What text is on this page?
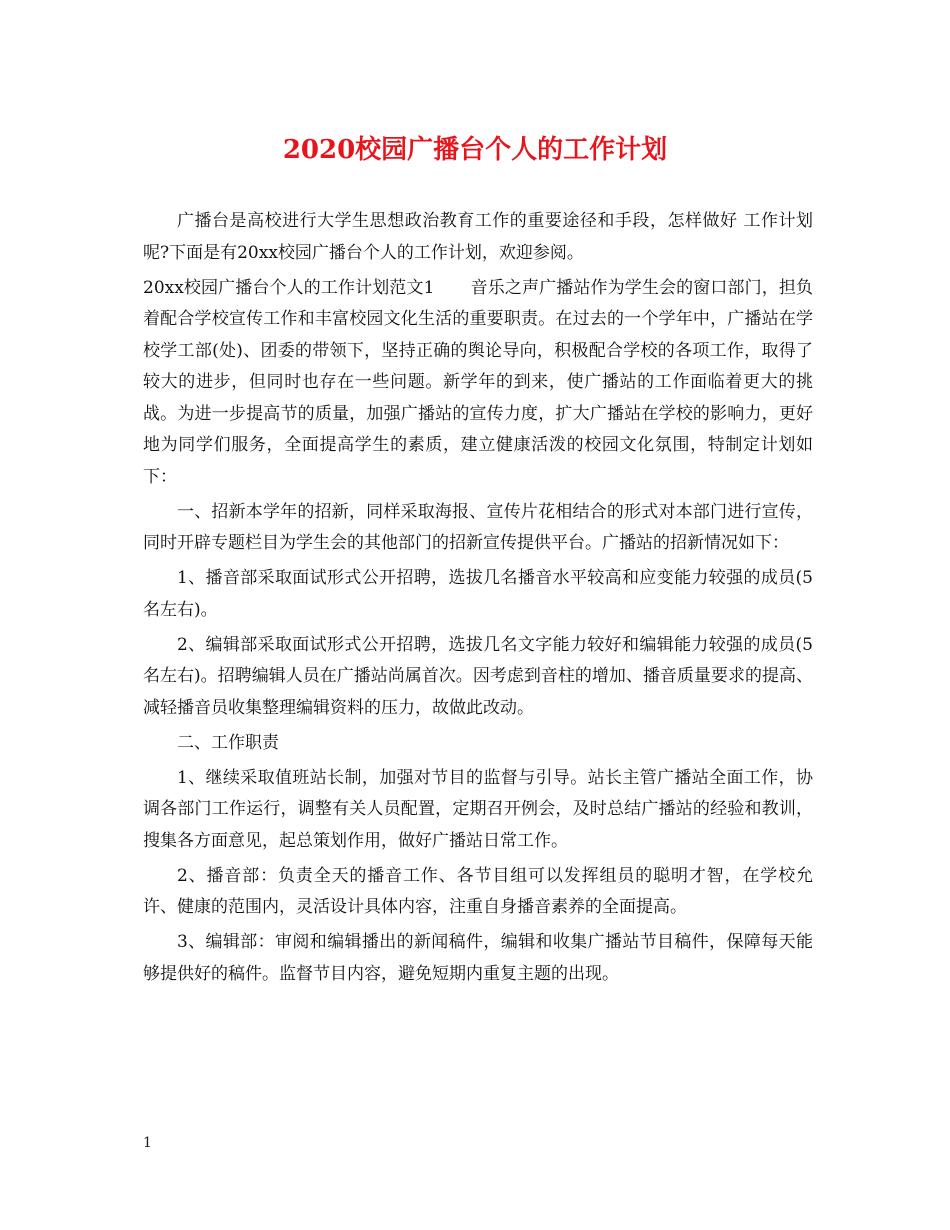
2020校园广播台个人的工作计划

广播台是高校进行大学生思想政治教育工作的重要途径和手段，怎样做好 工作计划呢?下面是有20xx校园广播台个人的工作计划，欢迎参阅。

20xx校园广播台个人的工作计划范文1 音乐之声广播站作为学生会的窗口部门，担负着配合学校宣传工作和丰富校园文化生活的重要职责。在过去的一个学年中，广播站在学校学工部(处)、团委的带领下，坚持正确的舆论导向，积极配合学校的各项工作，取得了较大的进步，但同时也存在一些问题。新学年的到来，使广播站的工作面临着更大的挑战。为进一步提高节的质量，加强广播站的宣传力度，扩大广播站在学校的影响力，更好地为同学们服务，全面提高学生的素质，建立健康活泼的校园文化氛围，特制定计划如下：

一、招新本学年的招新，同样采取海报、宣传片花相结合的形式对本部门进行宣传，同时开辟专题栏目为学生会的其他部门的招新宣传提供平台。广播站的招新情况如下：

1、播音部采取面试形式公开招聘，选拔几名播音水平较高和应变能力较强的成员(5名左右)。

2、编辑部采取面试形式公开招聘，选拔几名文字能力较好和编辑能力较强的成员(5名左右)。招聘编辑人员在广播站尚属首次。因考虑到音柱的增加、播音质量要求的提高、减轻播音员收集整理编辑资料的压力，故做此改动。

二、工作职责

1、继续采取值班站长制，加强对节目的监督与引导。站长主管广播站全面工作，协调各部门工作运行，调整有关人员配置，定期召开例会，及时总结广播站的经验和教训，搜集各方面意见，起总策划作用，做好广播站日常工作。

2、播音部：负责全天的播音工作、各节目组可以发挥组员的聪明才智，在学校允许、健康的范围内，灵活设计具体内容，注重自身播音素养的全面提高。

3、编辑部：审阅和编辑播出的新闻稿件，编辑和收集广播站节目稿件，保障每天能够提供好的稿件。监督节目内容，避免短期内重复主题的出现。

1
